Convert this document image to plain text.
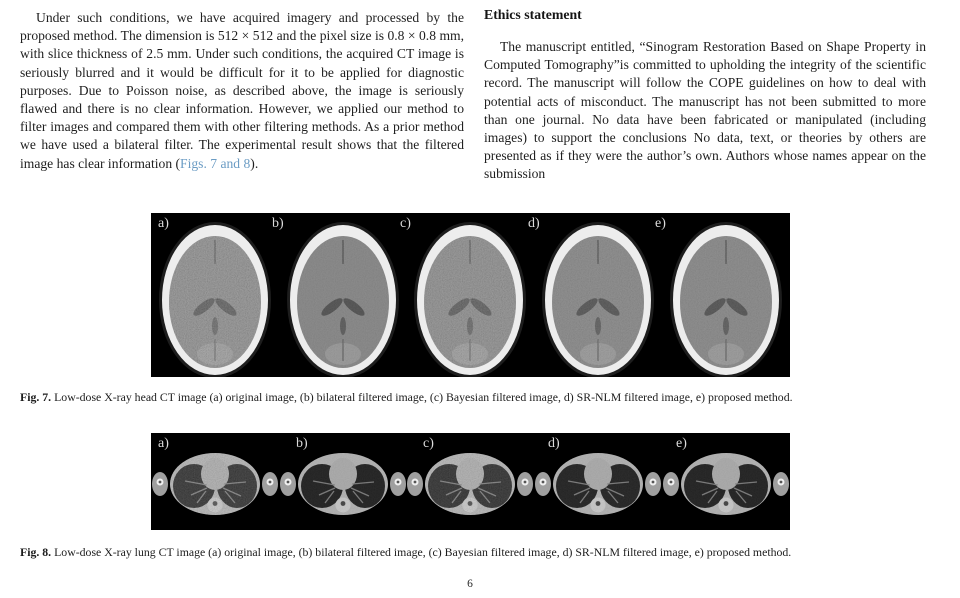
Under such conditions, we have acquired imagery and processed by the proposed method. The dimension is 512 × 512 and the pixel size is 0.8 × 0.8 mm, with slice thickness of 2.5 mm. Under such conditions, the acquired CT image is seriously blurred and it would be difficult for it to be applied for diagnostic purposes. Due to Poisson noise, as described above, the image is seriously flawed and there is no clear information. However, we applied our method to filter images and compared them with other filtering methods. As a prior method we have used a bilateral filter. The experimental result shows that the filtered image has clear information (Figs. 7 and 8).

Ethics statement

The manuscript entitled, “Sinogram Restoration Based on Shape Property in Computed Tomography”is committed to upholding the integrity of the scientific record. The manuscript will follow the COPE guidelines on how to deal with potential acts of misconduct. The manuscript has not been submitted to more than one journal. No data have been fabricated or manipulated (including images) to support the conclusions No data, text, or theories by others are presented as if they were the author’s own. Authors whose names appear on the submission

a)	b)	c)	d)	e)

Fig. 7. Low-dose X-ray head CT image (a) original image, (b) bilateral filtered image, (c) Bayesian filtered image, d) SR-NLM filtered image, e) proposed method.

a)	b)	c)	d)	e)

Fig. 8. Low-dose X-ray lung CT image (a) original image, (b) bilateral filtered image, (c) Bayesian filtered image, d) SR-NLM filtered image, e) proposed method.

6
